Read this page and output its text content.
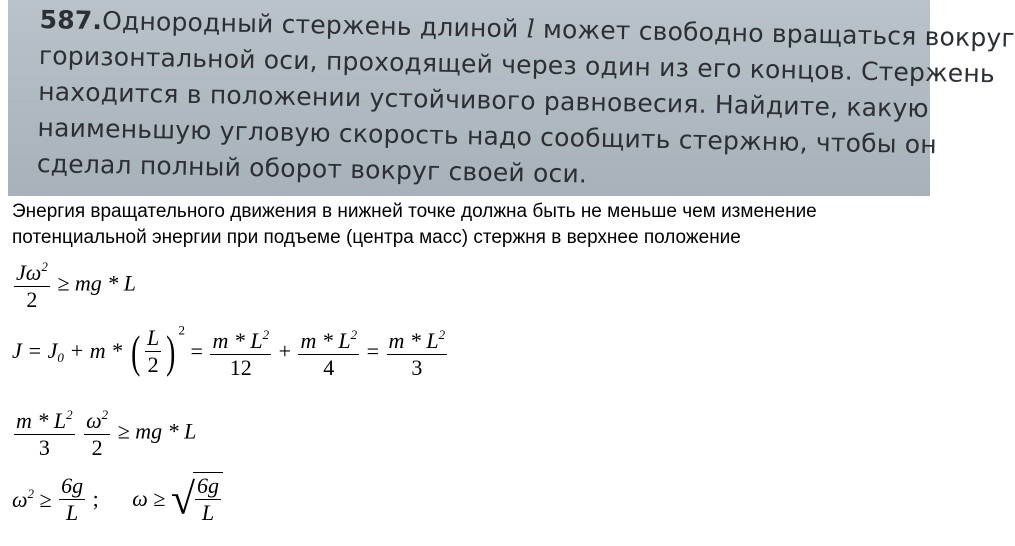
587.Однородный стержень длиной l может свободно вращаться вокруг
горизонтальной оси, проходящей через один из его концов. Стержень
находится в положении устойчивого равновесия. Найдите, какую
наименьшую угловую скорость надо сообщить стержню, чтобы он
сделал полный оборот вокруг своей оси.
Энергия вращательного движения в нижней точке должна быть не меньше чем изменение
потенциальной энергии при подъеме (центра масс) стержня в верхнее положение
$\frac{J\omega^2}{2}$ ≥ mg * L
$J = J_0 + m$ * ( $\frac{L}{2}$ ) $^2 = \frac{m * L^2}{12} + \frac{m * L^2}{4} = \frac{m * L^2}{3}$
$\frac{m * L^2}{3}$
$\frac{\omega^2}{2}$ ≥ mg * L
$\omega^2 \ge \frac{6g}{L}$ ; ω ≥ √ $\frac{6g}{L}$
